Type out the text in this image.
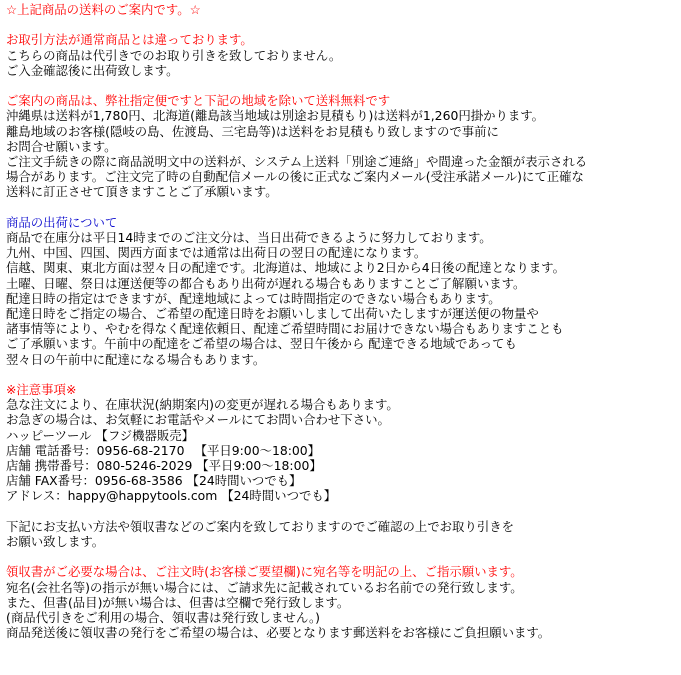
☆上記商品の送料のご案内です。☆
お取引方法が通常商品とは違っております。
こちらの商品は代引きでのお取り引きを致しておりません。
ご入金確認後に出荷致します。
ご案内の商品は、弊社指定便ですと下記の地域を除いて送料無料です
沖縄県は送料が1,780円、北海道(離島該当地域は別途お見積もり)は送料が1,260円掛かります。
離島地域のお客様(隠岐の島、佐渡島、三宅島等)は送料をお見積もり致しますので事前に
お問合せ願います。
ご注文手続きの際に商品説明文中の送料が、システム上送料「別途ご連絡」や間違った金額が表示される
場合があります。ご注文完了時の自動配信メールの後に正式なご案内メール(受注承諾メール)にて正確な
送料に訂正させて頂きますことご了承願います。
商品の出荷について
商品で在庫分は平日14時までのご注文分は、当日出荷できるように努力しております。
九州、中国、四国、関西方面までは通常は出荷日の翌日の配達になります。
信越、関東、東北方面は翌々日の配達です。北海道は、地域により2日から4日後の配達となります。
土曜、日曜、祭日は運送便等の都合もあり出荷が遅れる場合もありますことご了解願います。
配達日時の指定はできますが、配達地域によっては時間指定のできない場合もあります。
配達日時をご指定の場合、ご希望の配達日時をお願いしまして出荷いたしますが運送便の物量や
諸事情等により、やむを得なく配達依頼日、配達ご希望時間にお届けできない場合もありますことも
ご了承願います。午前中の配達をご希望の場合は、翌日午後から 配達できる地域であっても
翌々日の午前中に配達になる場合もあります。
※注意事項※
急な注文により、在庫状況(納期案内)の変更が遅れる場合もあります。
お急ぎの場合は、お気軽にお電話やメールにてお問い合わせ下さい。
ハッピーツール 【フジ機器販売】
店舗 電話番号：0956-68-2170 　【平日9:00～18:00】
店舗 携帯番号：080-5246-2029 【平日9:00～18:00】
店舗 FAX番号：0956-68-3586 【24時間いつでも】
アドレス：happy@happytools.com 【24時間いつでも】
下記にお支払い方法や領収書などのご案内を致しておりますのでご確認の上でお取り引きを
お願い致します。
領収書がご必要な場合は、ご注文時(お客様ご要望欄)に宛名等を明記の上、ご指示願います。
宛名(会社名等)の指示が無い場合には、ご請求先に記載されているお名前での発行致します。
また、但書(品目)が無い場合は、但書は空欄で発行致します。
(商品代引きをご利用の場合、領収書は発行致しません。)
商品発送後に領収書の発行をご希望の場合は、必要となります郵送料をお客様にご負担願います。
